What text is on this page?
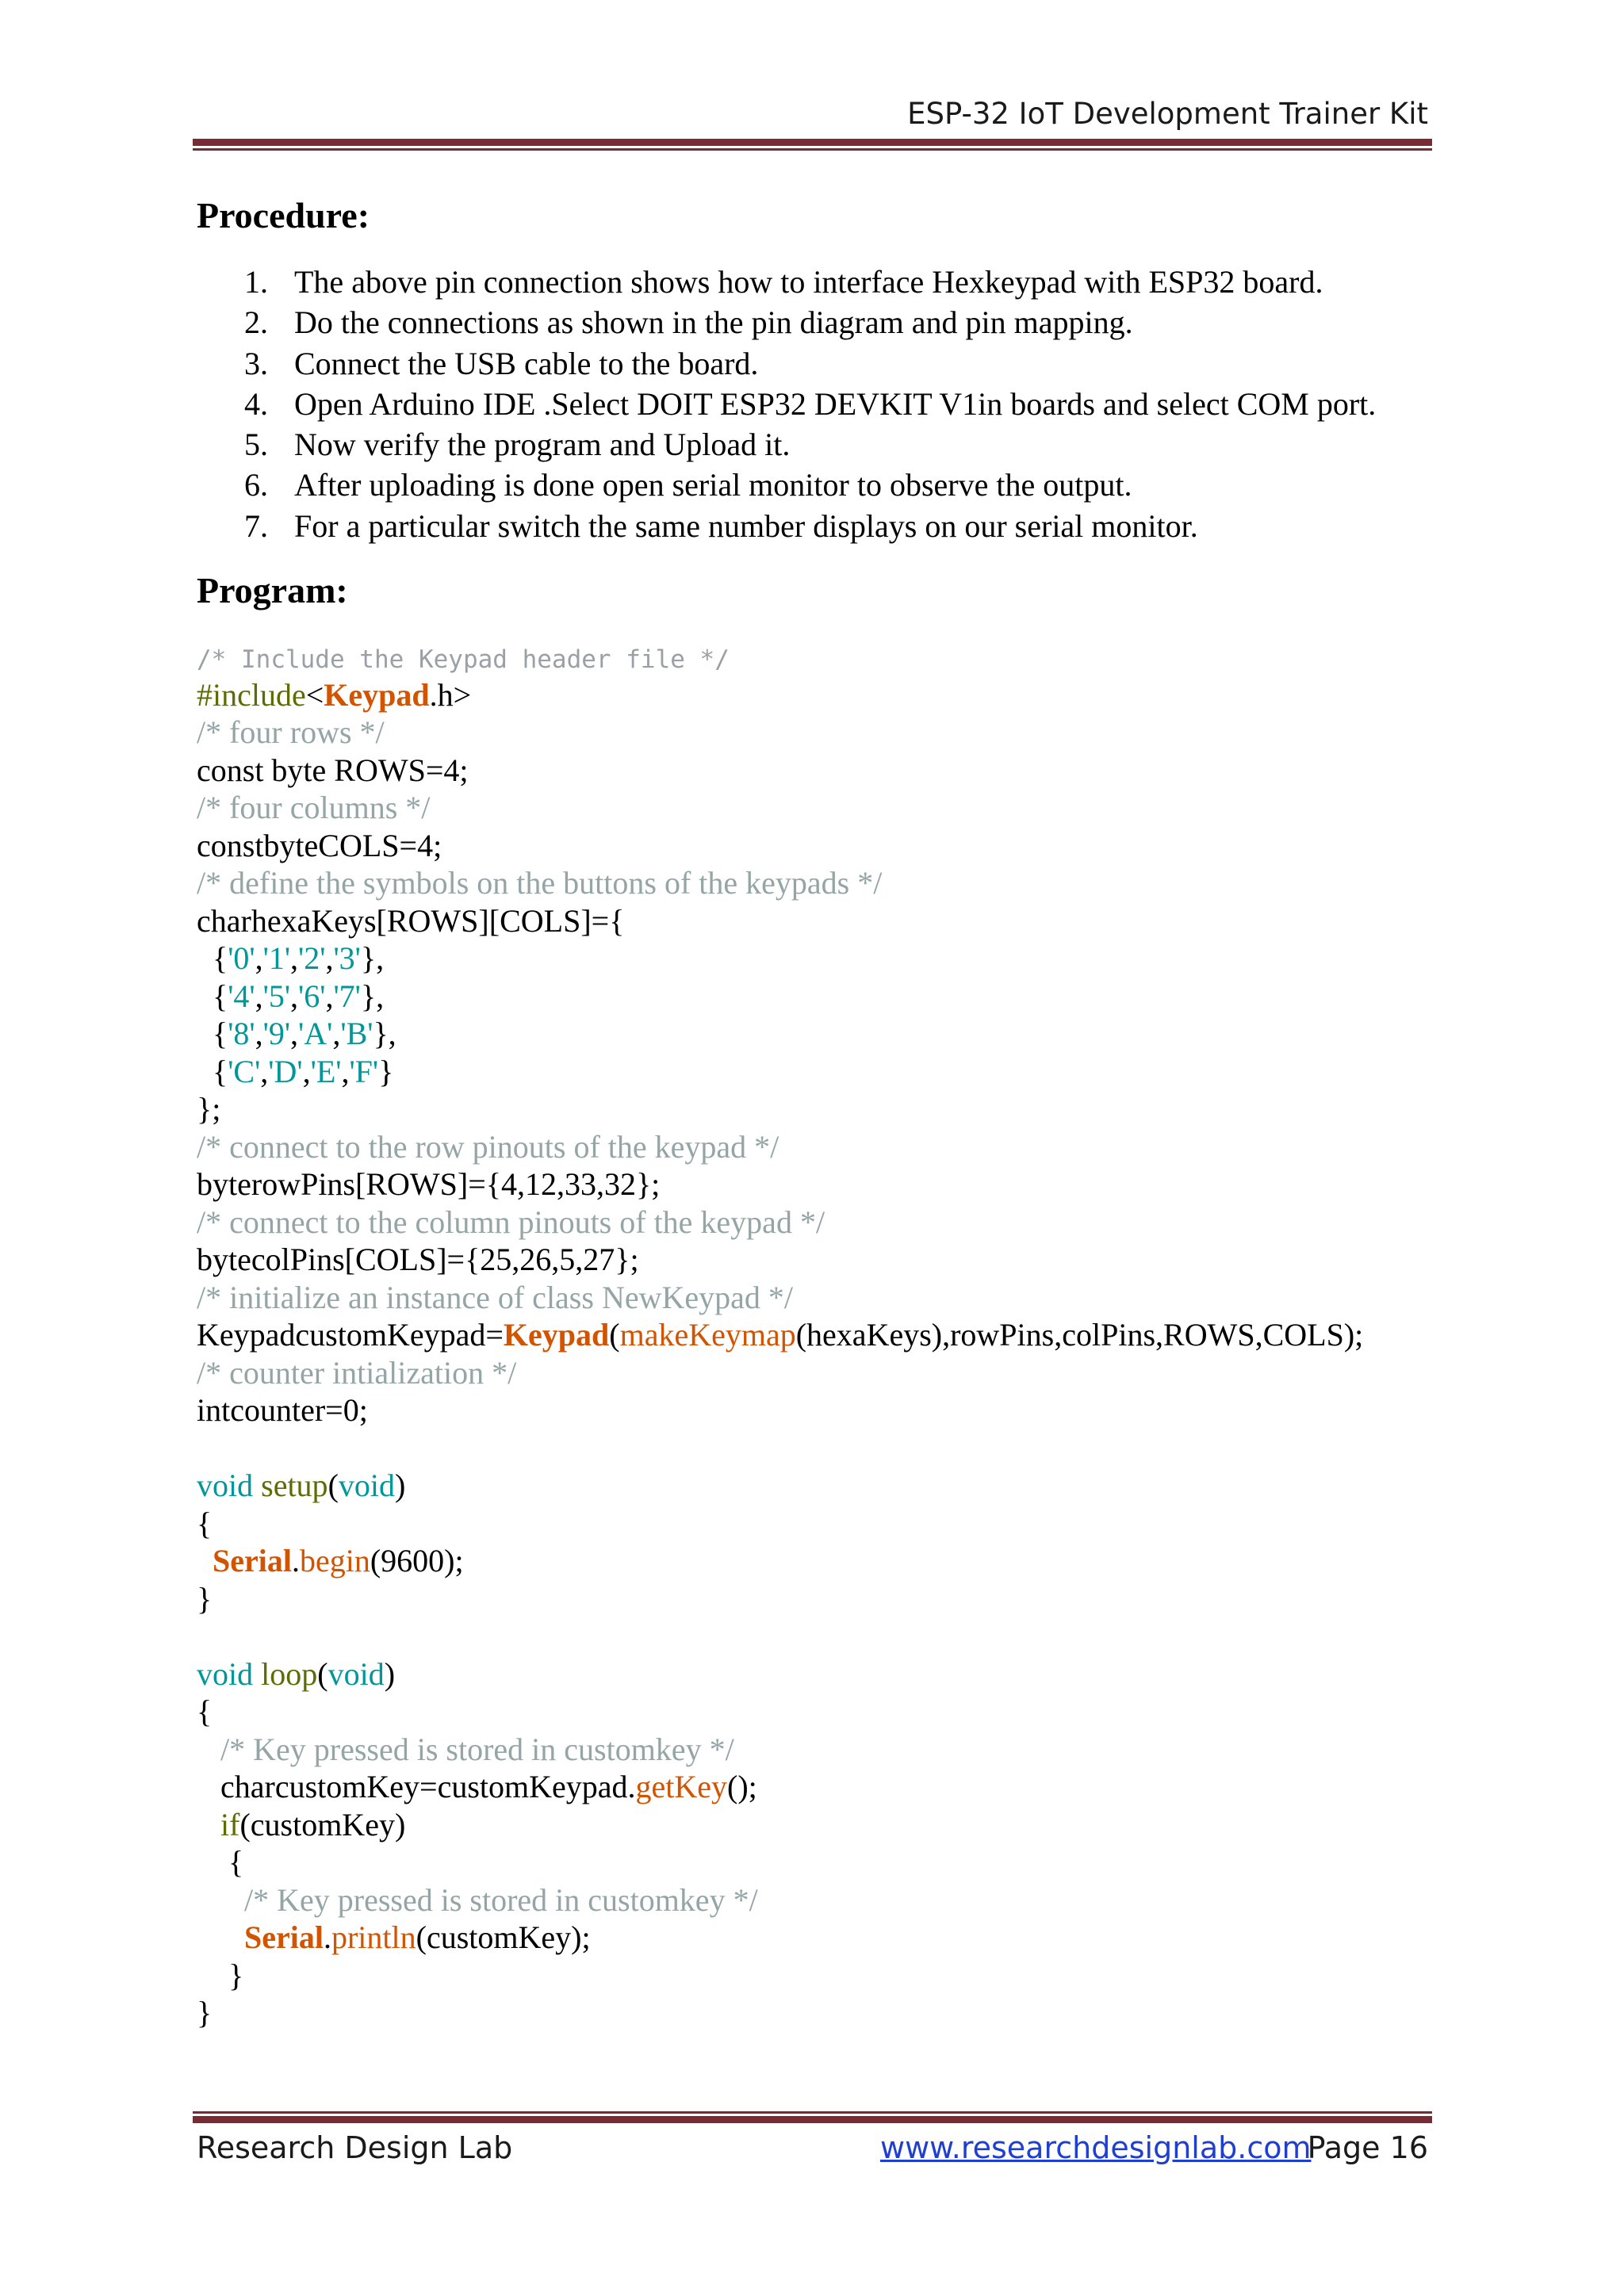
ESP-32 IoT Development Trainer Kit
Procedure:
1. The above pin connection shows how to interface Hexkeypad with ESP32 board.
2. Do the connections as shown in the pin diagram and pin mapping.
3. Connect the USB cable to the board.
4. Open Arduino IDE .Select DOIT ESP32 DEVKIT V1in boards and select COM port.
5. Now verify the program and Upload it.
6. After uploading is done open serial monitor to observe the output.
7. For a particular switch the same number displays on our serial monitor.
Program:
/* Include the Keypad header file */
#include<Keypad.h>
/* four rows */
const byte ROWS=4;
/* four columns */
constbyteCOLS=4;
/* define the symbols on the buttons of the keypads */
charhexaKeys[ROWS][COLS]={
{'0','1','2','3'},
{'4','5','6','7'},
{'8','9','A','B'},
{'C','D','E','F'}
};
/* connect to the row pinouts of the keypad */
byterowPins[ROWS]={4,12,33,32};
/* connect to the column pinouts of the keypad */
bytecolPins[COLS]={25,26,5,27};
/* initialize an instance of class NewKeypad */
KeypadcustomKeypad=Keypad(makeKeymap(hexaKeys),rowPins,colPins,ROWS,COLS);
/* counter intialization */
intcounter=0;

void setup(void)
{
Serial.begin(9600);
}

void loop(void)
{
/* Key pressed is stored in customkey */
charcustomKey=customKeypad.getKey();
if(customKey)
{
/* Key pressed is stored in customkey */
Serial.println(customKey);
}
}
Research Design Lab	www.researchdesignlab.com
Page 16
